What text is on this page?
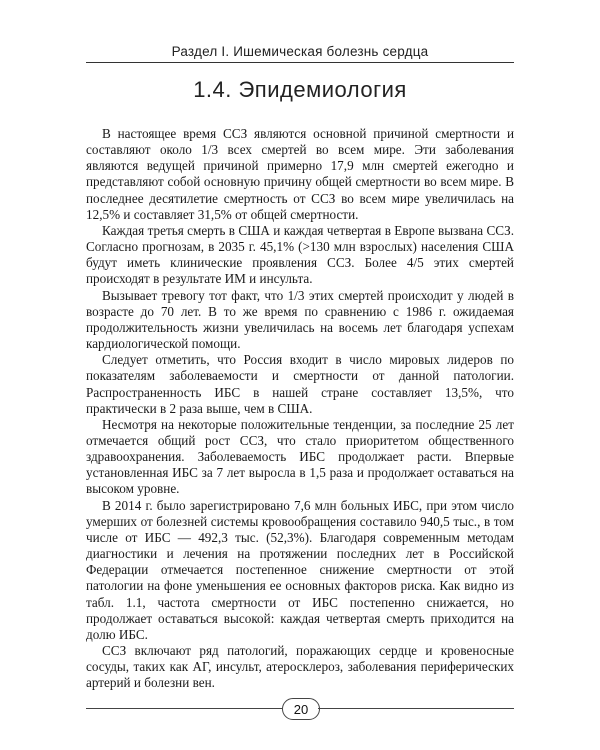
Раздел I. Ишемическая болезнь сердца
1.4. Эпидемиология

В настоящее время ССЗ являются основной причиной смертности и составляют около 1/3 всех смертей во всем мире. Эти заболевания являются ведущей причиной примерно 17,9 млн смертей ежегодно и представляют собой основную причину общей смертности во всем мире. В последнее десятилетие смертность от ССЗ во всем мире увеличилась на 12,5% и составляет 31,5% от общей смертности.

Каждая третья смерть в США и каждая четвертая в Европе вызвана ССЗ. Согласно прогнозам, в 2035 г. 45,1% (>130 млн взрослых) населения США будут иметь клинические проявления ССЗ. Более 4/5 этих смертей происходят в результате ИМ и инсульта.

Вызывает тревогу тот факт, что 1/3 этих смертей происходит у людей в возрасте до 70 лет. В то же время по сравнению с 1986 г. ожидаемая продолжительность жизни увеличилась на восемь лет благодаря успехам кардиологической помощи.

Следует отметить, что Россия входит в число мировых лидеров по показателям заболеваемости и смертности от данной патологии. Распространенность ИБС в нашей стране составляет 13,5%, что практически в 2 раза выше, чем в США.

Несмотря на некоторые положительные тенденции, за последние 25 лет отмечается общий рост ССЗ, что стало приоритетом общественного здравоохранения. Заболеваемость ИБС продолжает расти. Впервые установленная ИБС за 7 лет выросла в 1,5 раза и продолжает оставаться на высоком уровне.

В 2014 г. было зарегистрировано 7,6 млн больных ИБС, при этом число умерших от болезней системы кровообращения составило 940,5 тыс., в том числе от ИБС — 492,3 тыс. (52,3%). Благодаря современным методам диагностики и лечения на протяжении последних лет в Российской Федерации отмечается постепенное снижение смертности от этой патологии на фоне уменьшения ее основных факторов риска. Как видно из табл. 1.1, частота смертности от ИБС постепенно снижается, но продолжает оставаться высокой: каждая четвертая смерть приходится на долю ИБС.

ССЗ включают ряд патологий, поражающих сердце и кровеносные сосуды, таких как АГ, инсульт, атеросклероз, заболевания периферических артерий и болезни вен.

20
